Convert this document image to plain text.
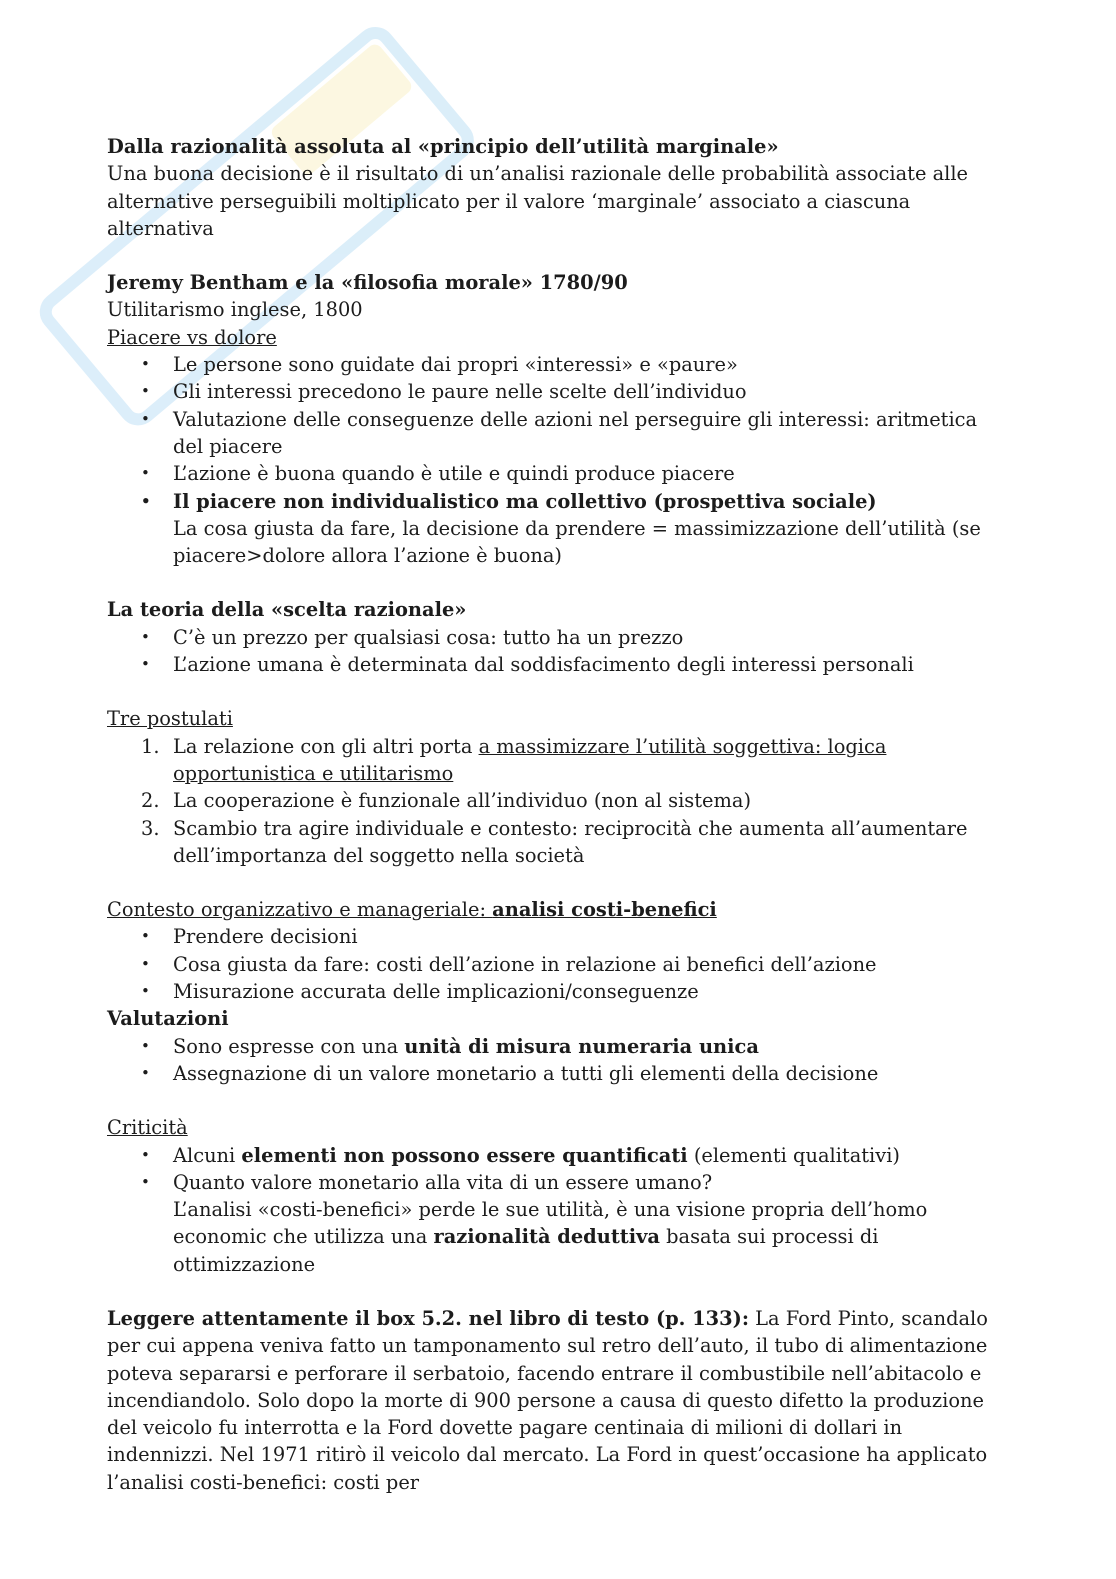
Dalla razionalità assoluta al «principio dell’utilità marginale»

Una buona decisione è il risultato di un’analisi razionale delle probabilità associate alle alternative perseguibili moltiplicato per il valore ‘marginale’ associato a ciascuna alternativa

Jeremy Bentham e la «filosofia morale» 1780/90

Utilitarismo inglese, 1800

Piacere vs dolore

• Le persone sono guidate dai propri «interessi» e «paure»
• Gli interessi precedono le paure nelle scelte dell’individuo
• Valutazione delle conseguenze delle azioni nel perseguire gli interessi: aritmetica del piacere
• L’azione è buona quando è utile e quindi produce piacere
• Il piacere non individualistico ma collettivo (prospettiva sociale)

La cosa giusta da fare, la decisione da prendere = massimizzazione dell’utilità (se piacere>dolore allora l’azione è buona)

La teoria della «scelta razionale»

• C’è un prezzo per qualsiasi cosa: tutto ha un prezzo
• L’azione umana è determinata dal soddisfacimento degli interessi personali

Tre postulati

1. La relazione con gli altri porta a massimizzare l’utilità soggettiva: logica opportunistica e utilitarismo
2. La cooperazione è funzionale all’individuo (non al sistema)
3. Scambio tra agire individuale e contesto: reciprocità che aumenta all’aumentare dell’importanza del soggetto nella società

Contesto organizzativo e manageriale: analisi costi-benefici

• Prendere decisioni
• Cosa giusta da fare: costi dell’azione in relazione ai benefici dell’azione
• Misurazione accurata delle implicazioni/conseguenze

Valutazioni

• Sono espresse con una unità di misura numeraria unica
• Assegnazione di un valore monetario a tutti gli elementi della decisione

Criticità

• Alcuni elementi non possono essere quantificati (elementi qualitativi)
• Quanto valore monetario alla vita di un essere umano?

L’analisi «costi-benefici» perde le sue utilità, è una visione propria dell’homo economic che utilizza una razionalità deduttiva basata sui processi di ottimizzazione

Leggere attentamente il box 5.2. nel libro di testo (p. 133): La Ford Pinto, scandalo per cui appena veniva fatto un tamponamento sul retro dell’auto, il tubo di alimentazione poteva separarsi e perforare il serbatoio, facendo entrare il combustibile nell’abitacolo e incendiandolo. Solo dopo la morte di 900 persone a causa di questo difetto la produzione del veicolo fu interrotta e la Ford dovette pagare centinaia di milioni di dollari in indennizzi. Nel 1971 ritirò il veicolo dal mercato. La Ford in quest’occasione ha applicato l’analisi costi-benefici: costi per
